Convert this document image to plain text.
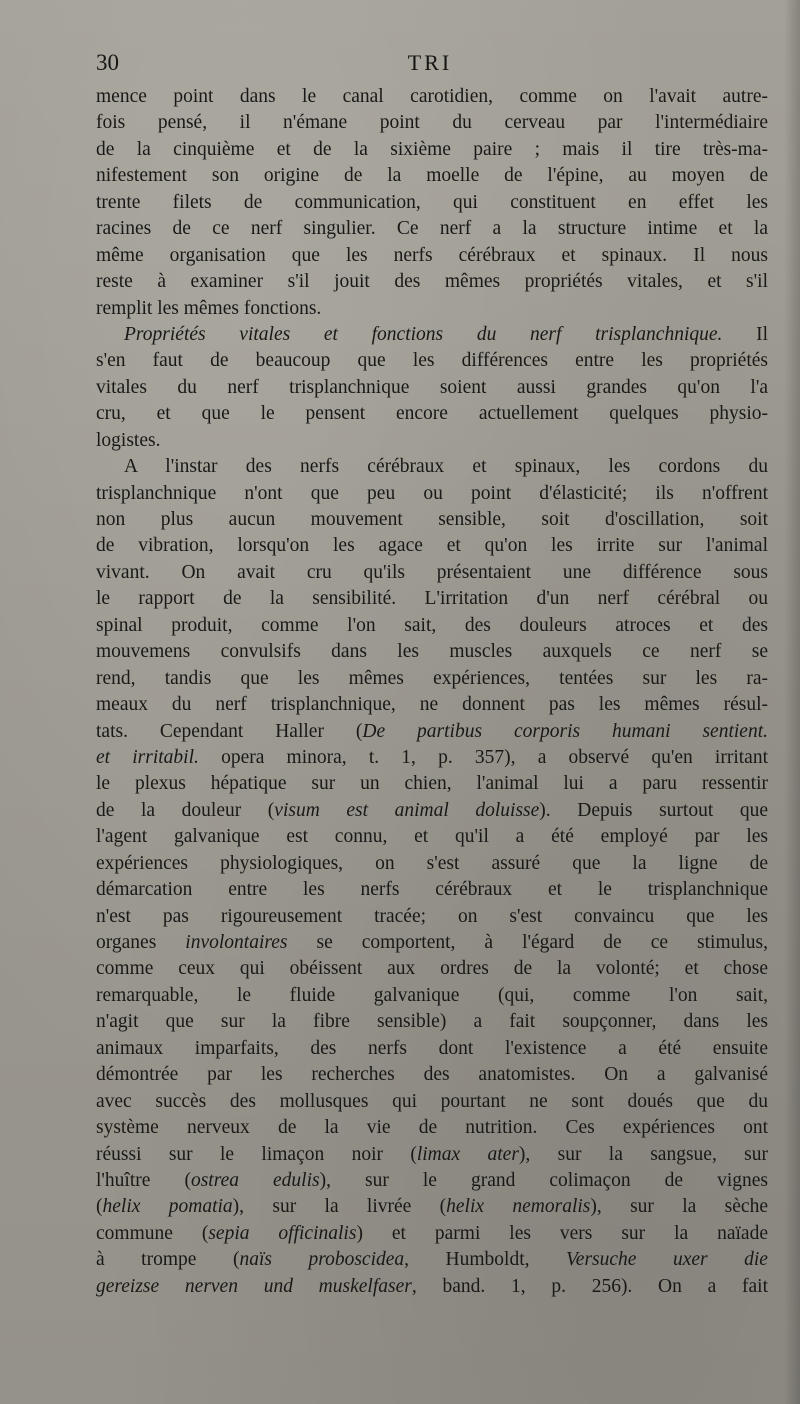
30	TRI
mence point dans le canal carotidien, comme on l'avait autre-
fois pensé, il n'émane point du cerveau par l'intermédiaire
de la cinquième et de la sixième paire ; mais il tire très-ma-
nifestement son origine de la moelle de l'épine, au moyen de
trente filets de communication, qui constituent en effet les
racines de ce nerf singulier. Ce nerf a la structure intime et la
même organisation que les nerfs cérébraux et spinaux. Il nous
reste à examiner s'il jouit des mêmes propriétés vitales, et s'il
remplit les mêmes fonctions.
Propriétés vitales et fonctions du nerf trisplanchnique. Il
s'en faut de beaucoup que les différences entre les propriétés
vitales du nerf trisplanchnique soient aussi grandes qu'on l'a
cru, et que le pensent encore actuellement quelques physio-
logistes.
A l'instar des nerfs cérébraux et spinaux, les cordons du
trisplanchnique n'ont que peu ou point d'élasticité; ils n'offrent
non plus aucun mouvement sensible, soit d'oscillation, soit
de vibration, lorsqu'on les agace et qu'on les irrite sur l'animal
vivant. On avait cru qu'ils présentaient une différence sous
le rapport de la sensibilité. L'irritation d'un nerf cérébral ou
spinal produit, comme l'on sait, des douleurs atroces et des
mouvemens convulsifs dans les muscles auxquels ce nerf se
rend, tandis que les mêmes expériences, tentées sur les ra-
meaux du nerf trisplanchnique, ne donnent pas les mêmes résul-
tats. Cependant Haller (De partibus corporis humani sentient.
et irritabil. opera minora, t. 1, p. 357), a observé qu'en irritant
le plexus hépatique sur un chien, l'animal lui a paru ressentir
de la douleur (visum est animal doluisse). Depuis surtout que
l'agent galvanique est connu, et qu'il a été employé par les
expériences physiologiques, on s'est assuré que la ligne de
démarcation entre les nerfs cérébraux et le trisplanchnique
n'est pas rigoureusement tracée; on s'est convaincu que les
organes involontaires se comportent, à l'égard de ce stimulus,
comme ceux qui obéissent aux ordres de la volonté; et chose
remarquable, le fluide galvanique (qui, comme l'on sait,
n'agit que sur la fibre sensible) a fait soupçonner, dans les
animaux imparfaits, des nerfs dont l'existence a été ensuite
démontrée par les recherches des anatomistes. On a galvanisé
avec succès des mollusques qui pourtant ne sont doués que du
système nerveux de la vie de nutrition. Ces expériences ont
réussi sur le limaçon noir (limax ater), sur la sangsue, sur
l'huître (ostrea edulis), sur le grand colimaçon de vignes
(helix pomatia), sur la livrée (helix nemoralis), sur la sèche
commune (sepia officinalis) et parmi les vers sur la naïade
à trompe (naïs proboscidea, Humboldt, Versuche uxer die
gereizse nerven und muskelfaser, band. 1, p. 256). On a fait
